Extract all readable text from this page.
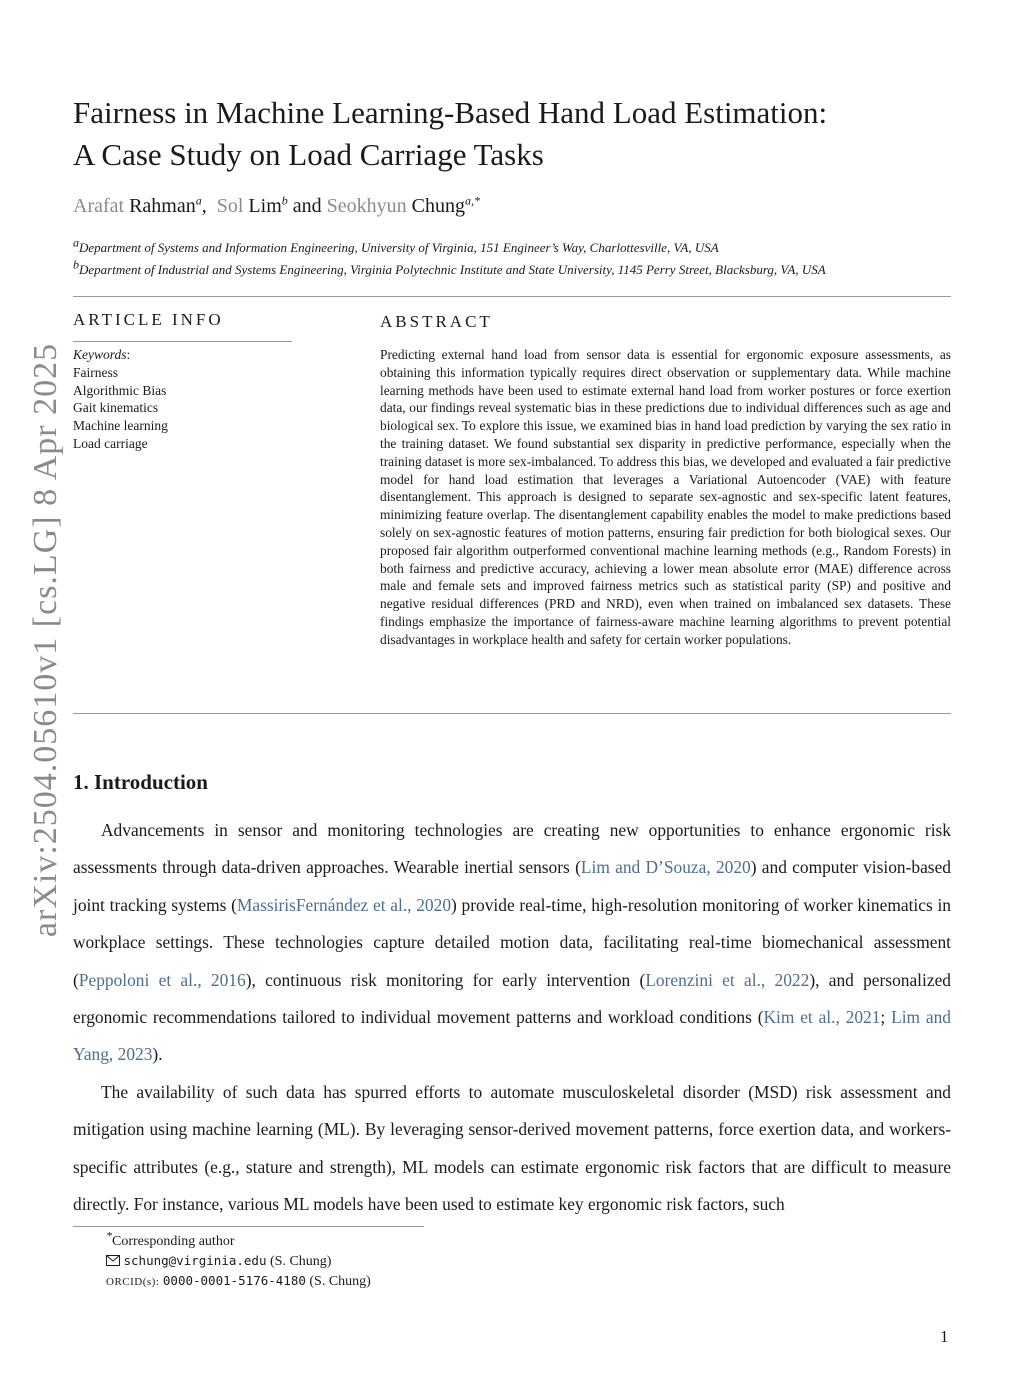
arXiv:2504.05610v1 [cs.LG] 8 Apr 2025
Fairness in Machine Learning-Based Hand Load Estimation:
A Case Study on Load Carriage Tasks
Arafat Rahman$^a$,  Sol Lim$^b$ and Seokhyun Chung$^{a,*}$
$^a$Department of Systems and Information Engineering, University of Virginia, 151 Engineer’s Way, Charlottesville, VA, USA
$^b$Department of Industrial and Systems Engineering, Virginia Polytechnic Institute and State University, 1145 Perry Street, Blacksburg, VA, USA
ARTICLE INFO
Keywords:
Fairness
Algorithmic Bias
Gait kinematics
Machine learning
Load carriage
ABSTRACT
Predicting external hand load from sensor data is essential for ergonomic exposure assessments, as obtaining this information typically requires direct observation or supplementary data. While machine learning methods have been used to estimate external hand load from worker postures or force exertion data, our findings reveal systematic bias in these predictions due to individual differences such as age and biological sex. To explore this issue, we examined bias in hand load prediction by varying the sex ratio in the training dataset. We found substantial sex disparity in predictive performance, especially when the training dataset is more sex-imbalanced. To address this bias, we developed and evaluated a fair predictive model for hand load estimation that leverages a Variational Autoencoder (VAE) with feature disentanglement. This approach is designed to separate sex-agnostic and sex-specific latent features, minimizing feature overlap. The disentanglement capability enables the model to make predictions based solely on sex-agnostic features of motion patterns, ensuring fair prediction for both biological sexes. Our proposed fair algorithm outperformed conventional machine learning methods (e.g., Random Forests) in both fairness and predictive accuracy, achieving a lower mean absolute error (MAE) difference across male and female sets and improved fairness metrics such as statistical parity (SP) and positive and negative residual differences (PRD and NRD), even when trained on imbalanced sex datasets. These findings emphasize the importance of fairness-aware machine learning algorithms to prevent potential disadvantages in workplace health and safety for certain worker populations.
1. Introduction
Advancements in sensor and monitoring technologies are creating new opportunities to enhance ergonomic risk assessments through data-driven approaches. Wearable inertial sensors (Lim and D’Souza, 2020) and computer vision-based joint tracking systems (MassirisFernández et al., 2020) provide real-time, high-resolution monitoring of worker kinematics in workplace settings. These technologies capture detailed motion data, facilitating real-time biomechanical assessment (Peppoloni et al., 2016), continuous risk monitoring for early intervention (Lorenzini et al., 2022), and personalized ergonomic recommendations tailored to individual movement patterns and workload conditions (Kim et al., 2021; Lim and Yang, 2023).
The availability of such data has spurred efforts to automate musculoskeletal disorder (MSD) risk assessment and mitigation using machine learning (ML). By leveraging sensor-derived movement patterns, force exertion data, and workers-specific attributes (e.g., stature and strength), ML models can estimate ergonomic risk factors that are difficult to measure directly. For instance, various ML models have been used to estimate key ergonomic risk factors, such
*Corresponding author
schung@virginia.edu (S. Chung)
ORCID(s): 0000-0001-5176-4180 (S. Chung)
1
